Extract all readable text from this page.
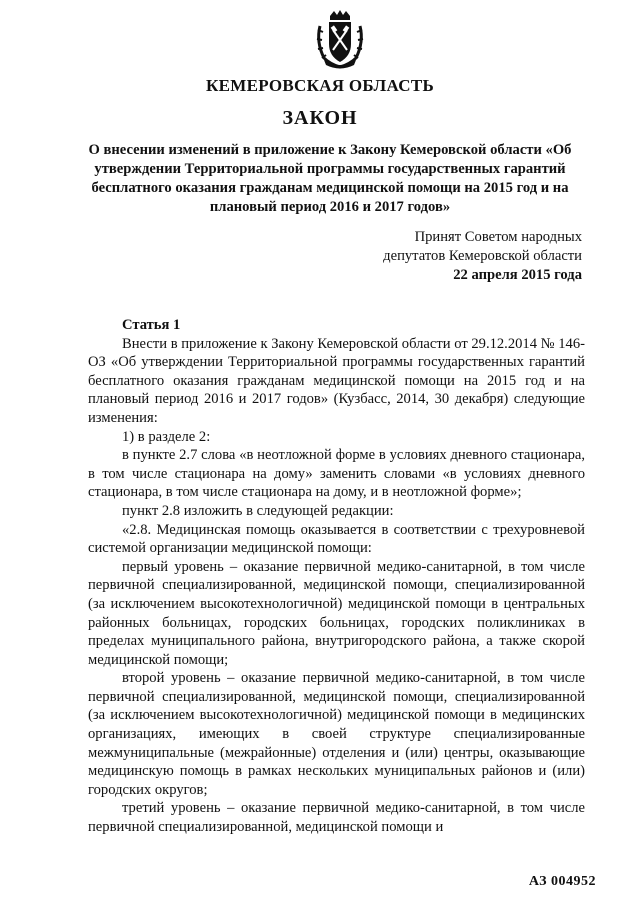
КЕМЕРОВСКАЯ ОБЛАСТЬ
ЗАКОН
О внесении изменений в приложение к Закону Кемеровской области «Об утверждении Территориальной программы государственных гарантий бесплатного оказания гражданам медицинской помощи на 2015 год и на плановый период 2016 и 2017 годов»
Принят Советом народных
депутатов Кемеровской области
22 апреля 2015 года

Статья 1

Внести в приложение к Закону Кемеровской области от 29.12.2014 № 146-ОЗ «Об утверждении Территориальной программы государственных гарантий бесплатного оказания гражданам медицинской помощи на 2015 год и на плановый период 2016 и 2017 годов» (Кузбасс, 2014, 30 декабря) следующие изменения:

1) в разделе 2:

в пункте 2.7 слова «в неотложной форме в условиях дневного стационара, в том числе стационара на дому» заменить словами «в условиях дневного стационара, в том числе стационара на дому, и в неотложной форме»;

пункт 2.8 изложить в следующей редакции:

«2.8. Медицинская помощь оказывается в соответствии с трехуровневой системой организации медицинской помощи:

первый уровень – оказание первичной медико-санитарной, в том числе первичной специализированной, медицинской помощи, специализированной (за исключением высокотехнологичной) медицинской помощи в центральных районных больницах, городских больницах, городских поликлиниках в пределах муниципального района, внутригородского района, а также скорой медицинской помощи;

второй уровень – оказание первичной медико-санитарной, в том числе первичной специализированной, медицинской помощи, специализированной (за исключением высокотехнологичной) медицинской помощи в медицинских организациях, имеющих в своей структуре специализированные межмуниципальные (межрайонные) отделения и (или) центры, оказывающие медицинскую помощь в рамках нескольких муниципальных районов и (или) городских округов;

третий уровень – оказание первичной медико-санитарной, в том числе первичной специализированной, медицинской помощи и

АЗ 004952
